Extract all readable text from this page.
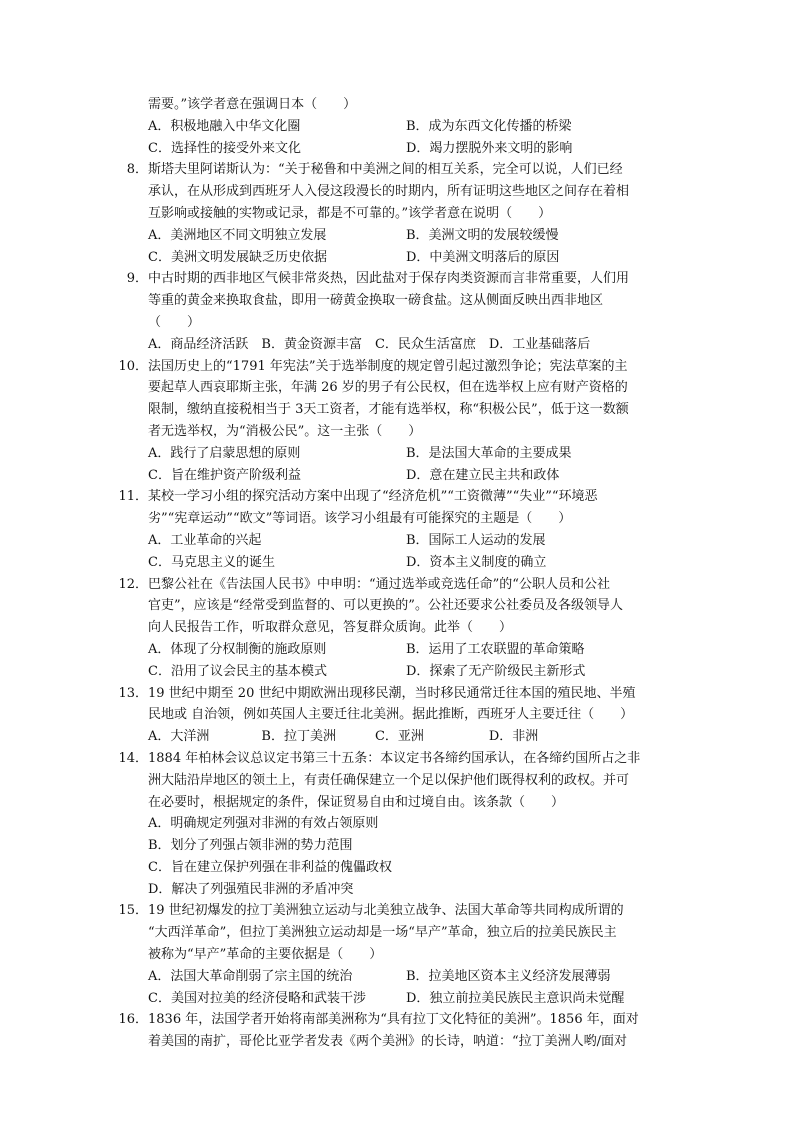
需要。”该学者意在强调日本（　　）
A．积极地融入中华文化圈	B．成为东西文化传播的桥梁
C．选择性的接受外来文化	D．竭力摆脱外来文明的影响
8． 斯塔夫里阿诺斯认为：“关于秘鲁和中美洲之间的相互关系，完全可以说，人们已经
承认，在从形成到西班牙人入侵这段漫长的时期内，所有证明这些地区之间存在着相
互影响或接触的实物或记录，都是不可靠的。”该学者意在说明（　　）
A．美洲地区不同文明独立发展	B．美洲文明的发展较缓慢
C．美洲文明发展缺乏历史依据	D．中美洲文明落后的原因
9． 中古时期的西非地区气候非常炎热，因此盐对于保存肉类资源而言非常重要，人们用
等重的黄金来换取食盐，即用一磅黄金换取一磅食盐。这从侧面反映出西非地区
（　　）
A．商品经济活跃　B．黄金资源丰富　C．民众生活富庶　D．工业基础落后
10． 法国历史上的“1791 年宪法”关于选举制度的规定曾引起过激烈争论；宪法草案的主
要起草人西哀耶斯主张，年满 26 岁的男子有公民权，但在选举权上应有财产资格的
限制，缴纳直接税相当于 3天工资者，才能有选举权，称“积极公民”，低于这一数额
者无选举权，为“消极公民”。这一主张（　　）
A．践行了启蒙思想的原则	B．是法国大革命的主要成果
C．旨在维护资产阶级利益	D．意在建立民主共和政体
11． 某校一学习小组的探究活动方案中出现了“经济危机”“工资微薄”“失业”“环境恶
劣”“宪章运动”“欧文”等词语。该学习小组最有可能探究的主题是（　　）
A．工业革命的兴起	B．国际工人运动的发展
C．马克思主义的诞生	D．资本主义制度的确立
12． 巴黎公社在《告法国人民书》中申明：“通过选举或竞选任命”的“公职人员和公社
官吏”，应该是“经常受到监督的、可以更换的”。公社还要求公社委员及各级领导人
向人民报告工作，听取群众意见，答复群众质询。此举（　　）
A．体现了分权制衡的施政原则	B．运用了工农联盟的革命策略
C．沿用了议会民主的基本模式	D．探索了无产阶级民主新形式
13． 19 世纪中期至 20 世纪中期欧洲出现移民潮，当时移民通常迁往本国的殖民地、半殖
民地或 自治领，例如英国人主要迁往北美洲。据此推断，西班牙人主要迁往（　　）
A．大洋洲　　　　B．拉丁美洲　　　C．亚洲　　　　　D．非洲
14． 1884 年柏林会议总议定书第三十五条：本议定书各缔约国承认，在各缔约国所占之非
洲大陆沿岸地区的领土上，有责任确保建立一个足以保护他们既得权利的政权。并可
在必要时，根据规定的条件，保证贸易自由和过境自由。该条款（　　）
A．明确规定列强对非洲的有效占领原则
B．划分了列强占领非洲的势力范围
C．旨在建立保护列强在非利益的傀儡政权
D．解决了列强殖民非洲的矛盾冲突
15． 19 世纪初爆发的拉丁美洲独立运动与北美独立战争、法国大革命等共同构成所谓的
“大西洋革命”，但拉丁美洲独立运动却是一场“早产”革命，独立后的拉美民族民主
被称为“早产”革命的主要依据是（　　）
A．法国大革命削弱了宗主国的统治	B．拉美地区资本主义经济发展薄弱
C．美国对拉美的经济侵略和武装干涉	D．独立前拉美民族民主意识尚未觉醒
16． 1836 年，法国学者开始将南部美洲称为“具有拉丁文化特征的美洲”。1856 年，面对
着美国的南扩，哥伦比亚学者发表《两个美洲》的长诗，呐道：“拉丁美洲人哟/面对
